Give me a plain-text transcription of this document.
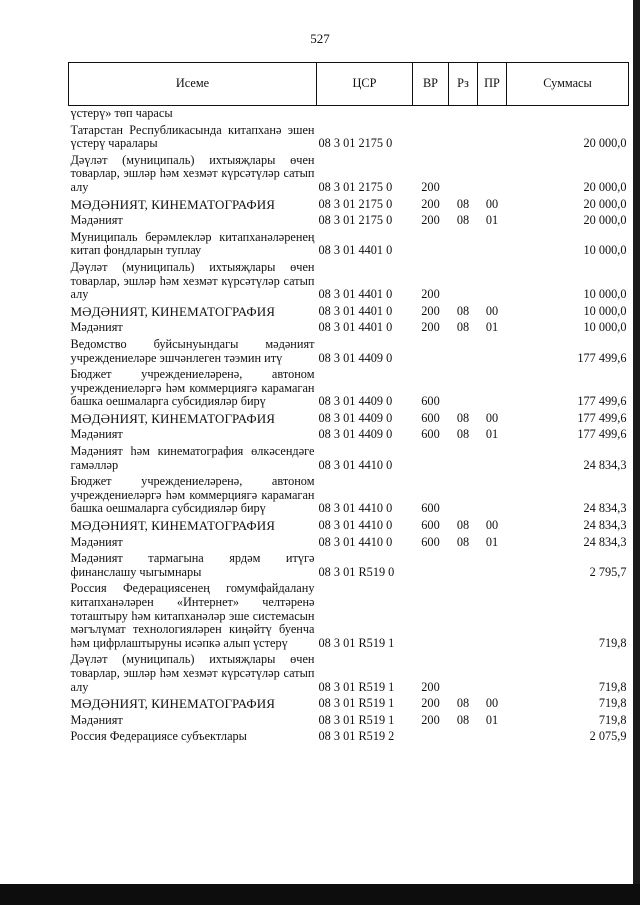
527
Исеме	ЦСР	ВР	Рз	ПР	Суммасы
үстерү» төп чарасы					
Татарстан Республикасында китапханә эшен үстерү чаралары	08 3 01 2175 0				20 000,0
Дәүләт (муниципаль) ихтыяҗлары өчен товарлар, эшләр һәм хезмәт күрсәтүләр сатып алу	08 3 01 2175 0	200			20 000,0
МӘДӘНИЯТ, КИНЕМАТОГРАФИЯ	08 3 01 2175 0	200	08	00	20 000,0
Мәдәният	08 3 01 2175 0	200	08	01	20 000,0
Муниципаль берәмлекләр китапханәләренең китап фондларын туплау	08 3 01 4401 0				10 000,0
Дәүләт (муниципаль) ихтыяҗлары өчен товарлар, эшләр һәм хезмәт күрсәтүләр сатып алу	08 3 01 4401 0	200			10 000,0
МӘДӘНИЯТ, КИНЕМАТОГРАФИЯ	08 3 01 4401 0	200	08	00	10 000,0
Мәдәният	08 3 01 4401 0	200	08	01	10 000,0
Ведомство буйсынуындагы мәдәният учреждениеләре эшчәнлеген тәэмин итү	08 3 01 4409 0				177 499,6
Бюджет учреждениеләренә, автоном учреждениеләргә һәм коммерциягә карамаган башка оешмаларга субсидияләр бирү	08 3 01 4409 0	600			177 499,6
МӘДӘНИЯТ, КИНЕМАТОГРАФИЯ	08 3 01 4409 0	600	08	00	177 499,6
Мәдәният	08 3 01 4409 0	600	08	01	177 499,6
Мәдәният һәм кинематография өлкәсендәге гамәлләр	08 3 01 4410 0				24 834,3
Бюджет учреждениеләренә, автоном учреждениеләргә һәм коммерциягә карамаган башка оешмаларга субсидияләр бирү	08 3 01 4410 0	600			24 834,3
МӘДӘНИЯТ, КИНЕМАТОГРАФИЯ	08 3 01 4410 0	600	08	00	24 834,3
Мәдәният	08 3 01 4410 0	600	08	01	24 834,3
Мәдәният тармагына ярдәм итүгә финанслашу чыгымнары	08 3 01 R519 0				2 795,7
Россия Федерациясенең гомумфайдалану китапханәләрен «Интернет» челтәренә тоташтыру һәм китапханәләр эше системасын мәгълүмат технологияләрен киңәйтү буенча һәм цифрлаштыруны исәпкә алып үстерү	08 3 01 R519 1				719,8
Дәүләт (муниципаль) ихтыяҗлары өчен товарлар, эшләр һәм хезмәт күрсәтүләр сатып алу	08 3 01 R519 1	200			719,8
МӘДӘНИЯТ, КИНЕМАТОГРАФИЯ	08 3 01 R519 1	200	08	00	719,8
Мәдәният	08 3 01 R519 1	200	08	01	719,8
Россия Федерациясе субъектлары	08 3 01 R519 2				2 075,9
